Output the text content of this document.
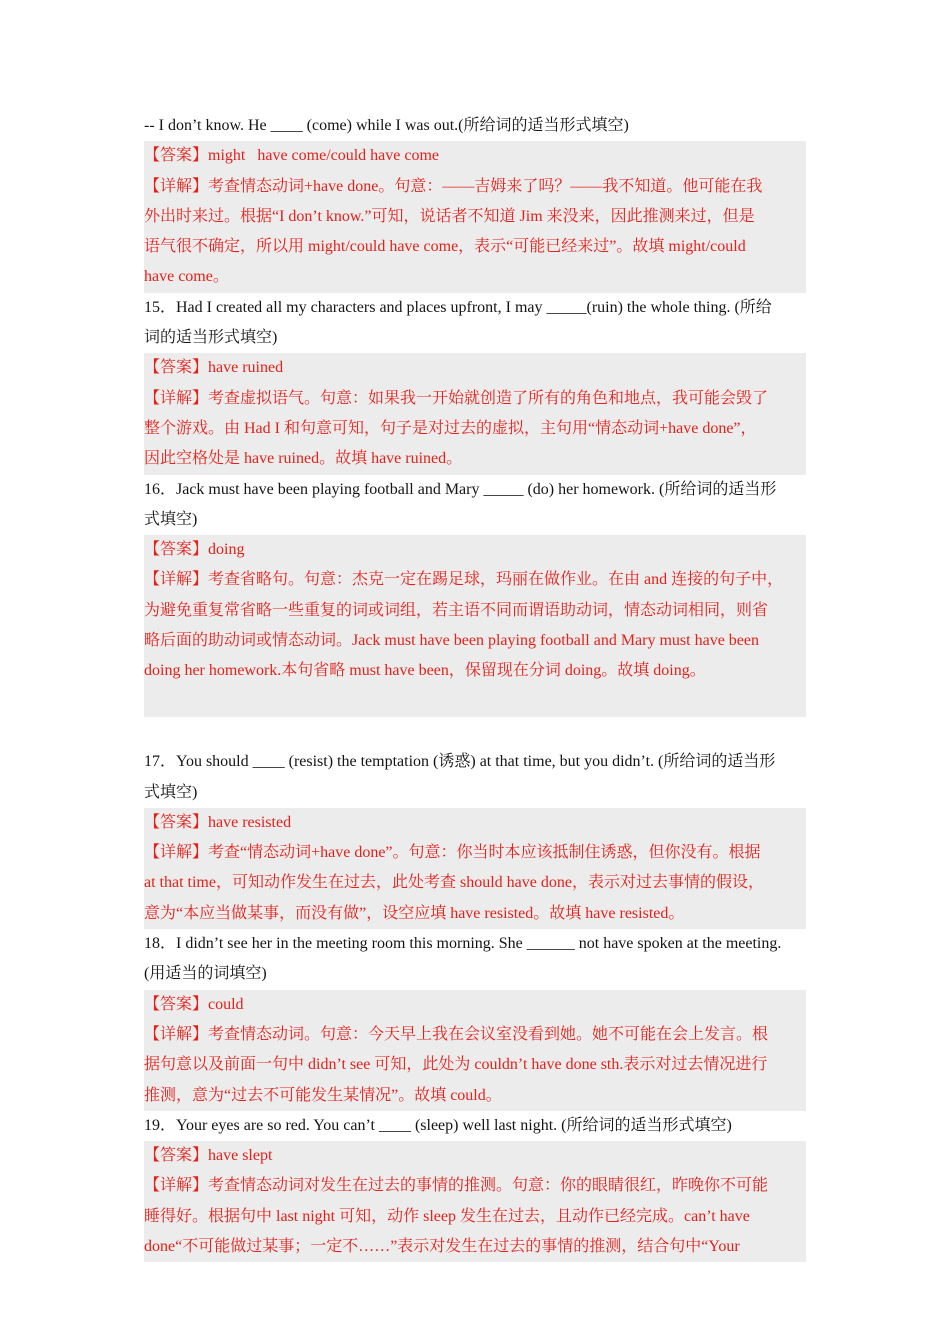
-- I don’t know. He ____ (come) while I was out.(所给词的适当形式填空)
【答案】might   have come/could have come
【详解】考查情态动词+have done。句意：——吉姆来了吗？——我不知道。他可能在我
外出时来过。根据“I don’t know.”可知，说话者不知道 Jim 来没来，因此推测来过，但是
语气很不确定，所以用 might/could have come，表示“可能已经来过”。故填 might/could
have come。
15．Had I created all my characters and places upfront, I may _____(ruin) the whole thing. (所给
词的适当形式填空)
【答案】have ruined
【详解】考查虚拟语气。句意：如果我一开始就创造了所有的角色和地点，我可能会毁了
整个游戏。由 Had I 和句意可知，句子是对过去的虚拟，主句用“情态动词+have done”，
因此空格处是 have ruined。故填 have ruined。
16．Jack must have been playing football and Mary _____ (do) her homework. (所给词的适当形
式填空)
【答案】doing
【详解】考查省略句。句意：杰克一定在踢足球，玛丽在做作业。在由 and 连接的句子中，
为避免重复常省略一些重复的词或词组，若主语不同而谓语助动词，情态动词相同，则省
略后面的助动词或情态动词。Jack must have been playing football and Mary must have been
doing her homework.本句省略 must have been，保留现在分词 doing。故填 doing。
17．You should ____ (resist) the temptation (诱惑) at that time, but you didn’t. (所给词的适当形
式填空)
【答案】have resisted
【详解】考查“情态动词+have done”。句意：你当时本应该抵制住诱惑，但你没有。根据
at that time，可知动作发生在过去，此处考查 should have done，表示对过去事情的假设，
意为“本应当做某事，而没有做”，设空应填 have resisted。故填 have resisted。
18．I didn’t see her in the meeting room this morning. She ______ not have spoken at the meeting.
(用适当的词填空)
【答案】could
【详解】考查情态动词。句意：今天早上我在会议室没看到她。她不可能在会上发言。根
据句意以及前面一句中 didn’t see 可知，此处为 couldn’t have done sth.表示对过去情况进行
推测，意为“过去不可能发生某情况”。故填 could。
19．Your eyes are so red. You can’t ____ (sleep) well last night. (所给词的适当形式填空)
【答案】have slept
【详解】考查情态动词对发生在过去的事情的推测。句意：你的眼睛很红，昨晚你不可能
睡得好。根据句中 last night 可知，动作 sleep 发生在过去，且动作已经完成。can’t have
done“不可能做过某事；一定不……”表示对发生在过去的事情的推测，结合句中“Your
